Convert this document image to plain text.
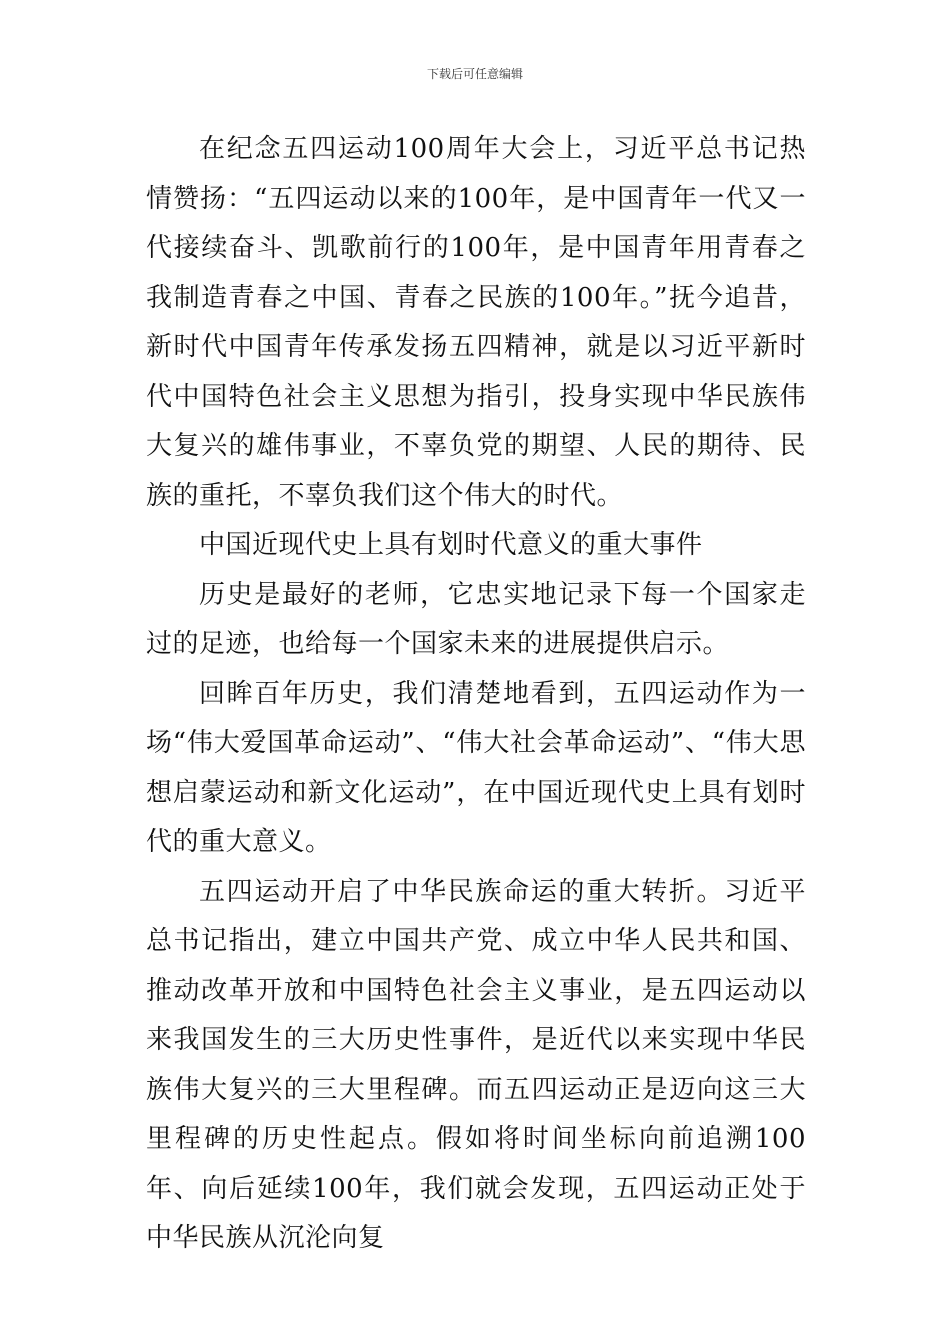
下载后可任意编辑

在纪念五四运动100周年大会上，习近平总书记热情赞扬：“五四运动以来的100年，是中国青年一代又一代接续奋斗、凯歌前行的100年，是中国青年用青春之我制造青春之中国、青春之民族的100年。”抚今追昔，新时代中国青年传承发扬五四精神，就是以习近平新时代中国特色社会主义思想为指引，投身实现中华民族伟大复兴的雄伟事业，不辜负党的期望、人民的期待、民族的重托，不辜负我们这个伟大的时代。

中国近现代史上具有划时代意义的重大事件

历史是最好的老师，它忠实地记录下每一个国家走过的足迹，也给每一个国家未来的进展提供启示。

回眸百年历史，我们清楚地看到，五四运动作为一场“伟大爱国革命运动”、“伟大社会革命运动”、“伟大思想启蒙运动和新文化运动”，在中国近现代史上具有划时代的重大意义。

五四运动开启了中华民族命运的重大转折。习近平总书记指出，建立中国共产党、成立中华人民共和国、推动改革开放和中国特色社会主义事业，是五四运动以来我国发生的三大历史性事件，是近代以来实现中华民族伟大复兴的三大里程碑。而五四运动正是迈向这三大里程碑的历史性起点。假如将时间坐标向前追溯100年、向后延续100年，我们就会发现，五四运动正处于中华民族从沉沦向复
